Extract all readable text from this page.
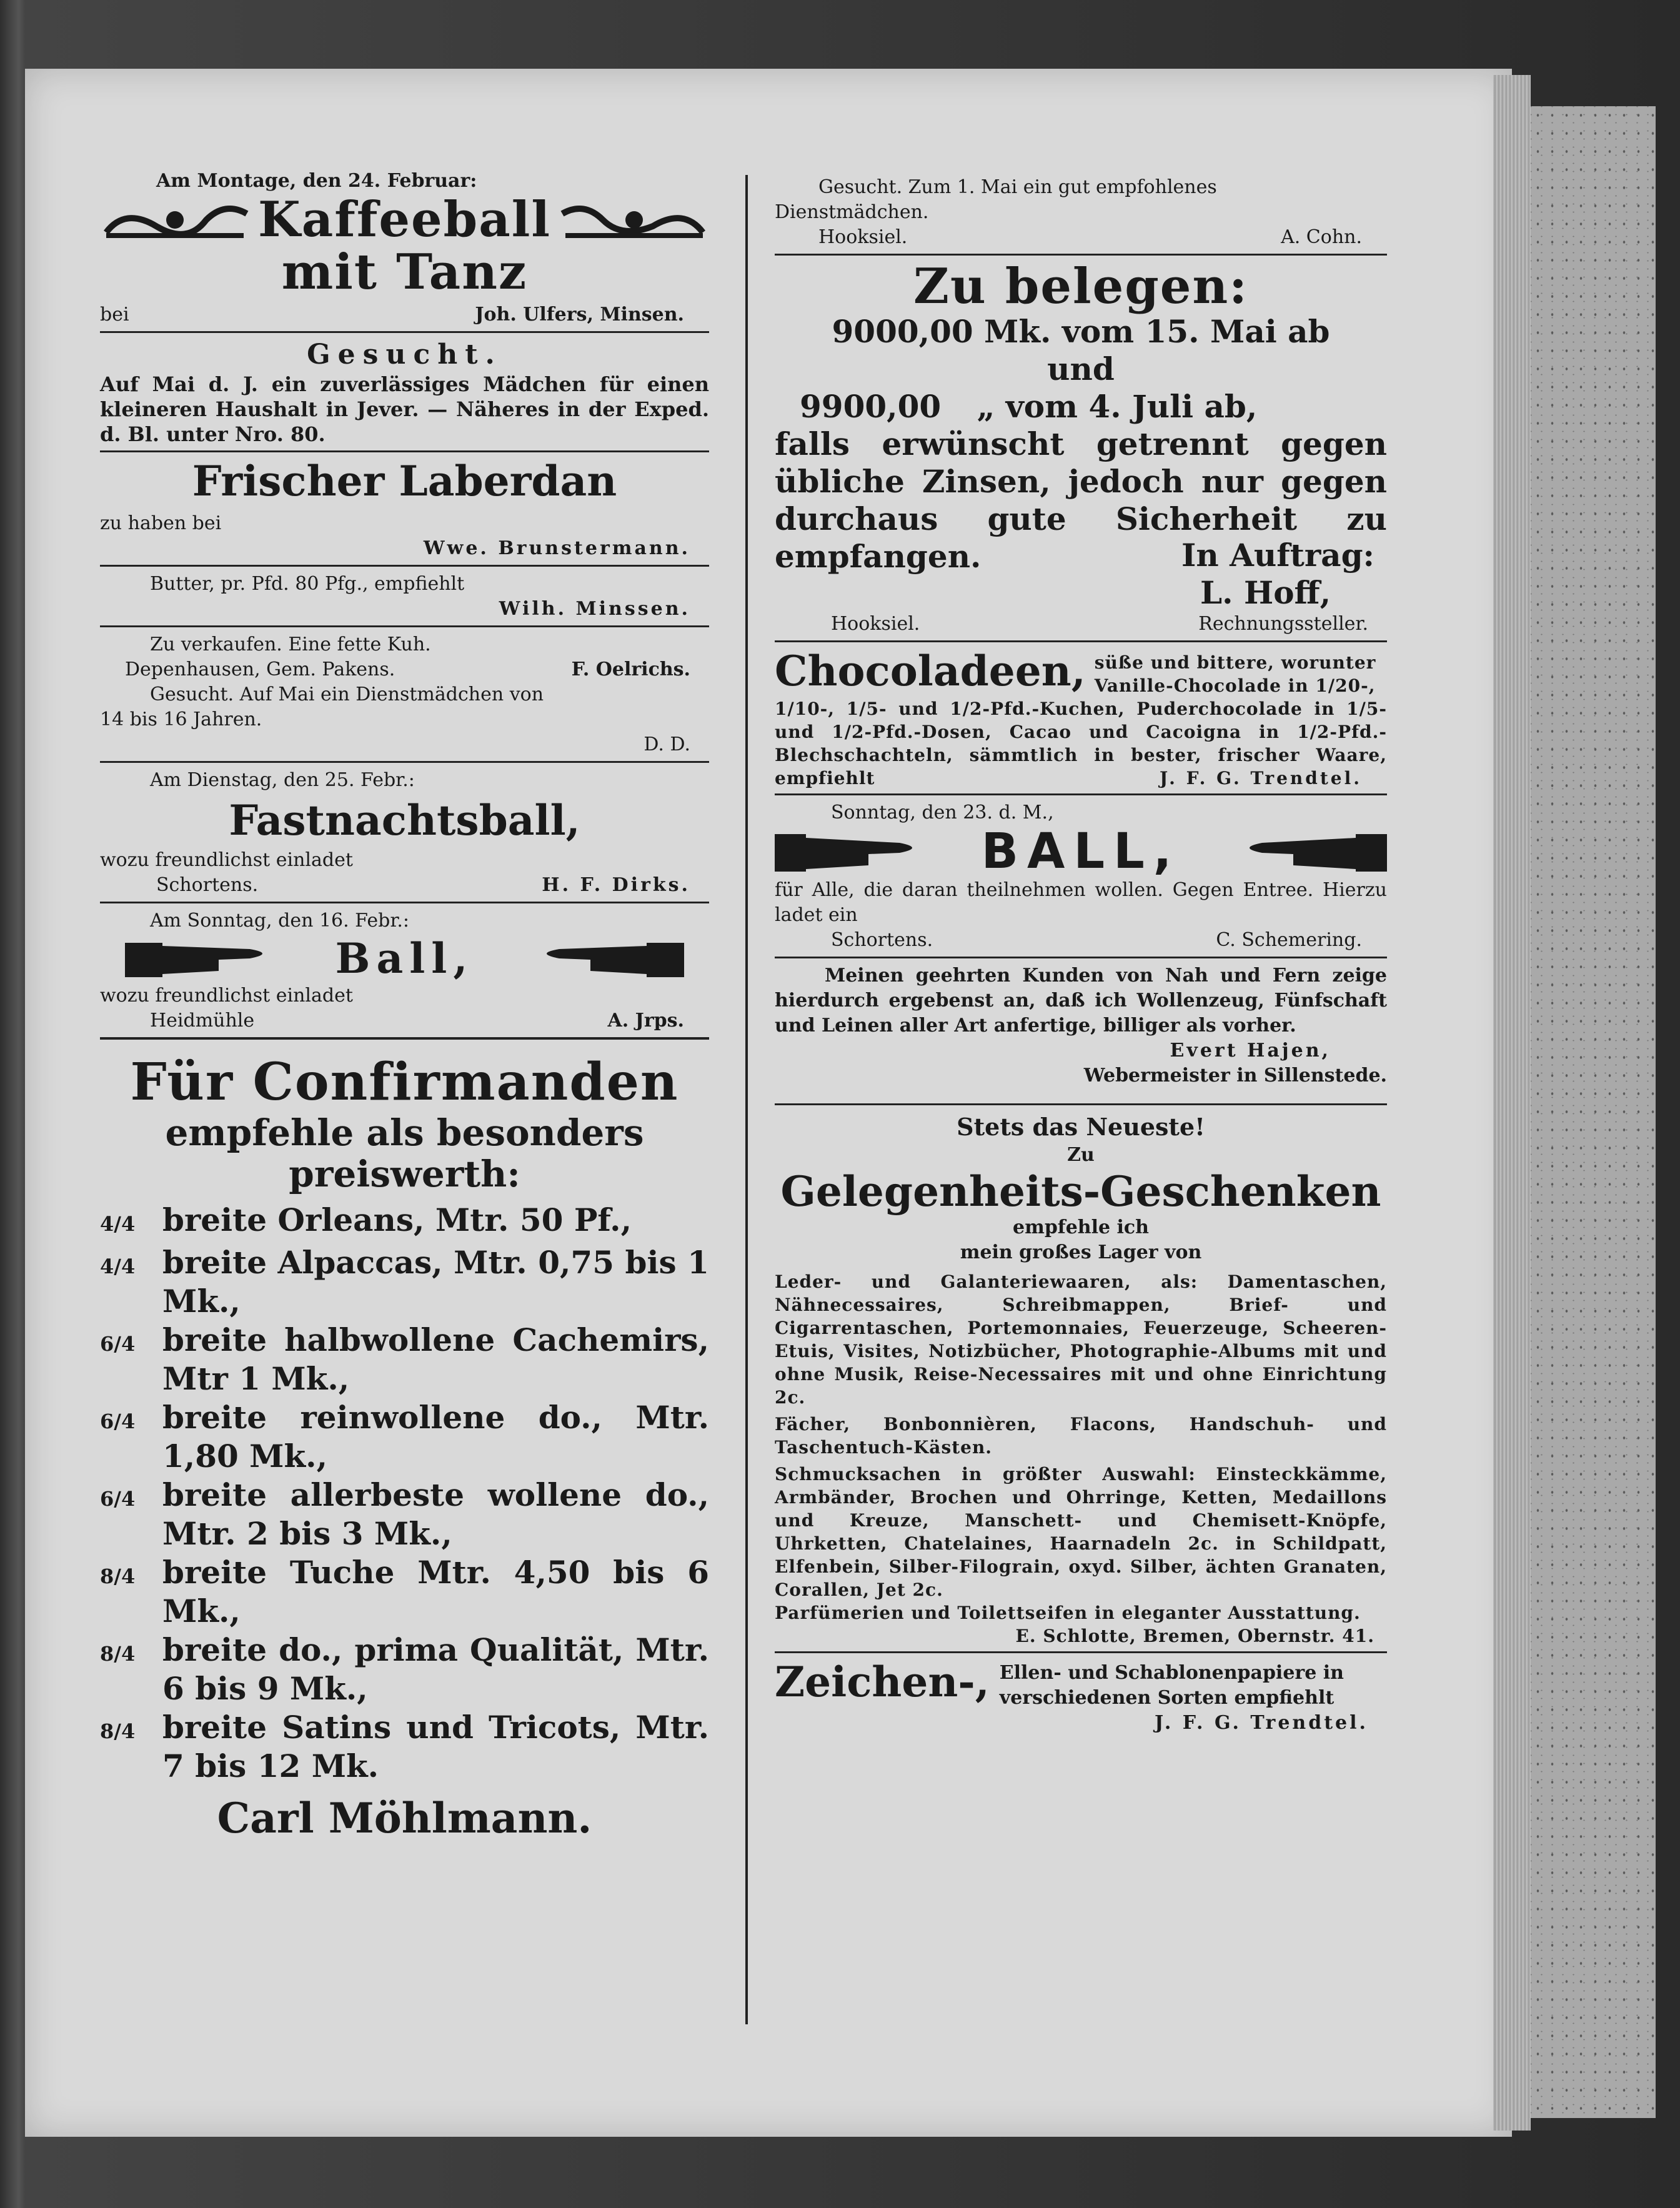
Am Montage, den 24. Februar:
Kaffeeball
mit Tanz
bei	Joh. Ulfers, Minsen.
Gesucht.
Auf Mai d. J. ein zuverlässiges Mädchen für einen kleineren Haushalt in Jever. — Näheres in der Exped. d. Bl. unter Nro. 80.
Frischer Laberdan
zu haben bei
Wwe. Brunstermann.
Butter, pr. Pfd. 80 Pfg., empfiehlt
Wilh. Minssen.
Zu verkaufen. Eine fette Kuh.
Depenhausen, Gem. Pakens.	F. Oelrichs.
Gesucht. Auf Mai ein Dienstmädchen von
14 bis 16 Jahren.
D. D.
Am Dienstag, den 25. Febr.:
Fastnachtsball,
wozu freundlichst einladet
Schortens.	H. F. Dirks.
Am Sonntag, den 16. Febr.:
Ball,
wozu freundlichst einladet
Heidmühle	A. Jrps.
Für Confirmanden
empfehle als besonders
preiswerth:
4/4 breite Orleans, Mtr. 50 Pf.,
4/4 breite Alpaccas, Mtr. 0,75 bis 1 Mk.,
6/4 breite halbwollene Cachemirs, Mtr 1 Mk.,
6/4 breite reinwollene do., Mtr. 1,80 Mk.,
6/4 breite allerbeste wollene do., Mtr. 2 bis 3 Mk.,
8/4 breite Tuche Mtr. 4,50 bis 6 Mk.,
8/4 breite do., prima Qualität, Mtr. 6 bis 9 Mk.,
8/4 breite Satins und Tricots, Mtr. 7 bis 12 Mk.
Carl Möhlmann.
Gesucht. Zum 1. Mai ein gut empfohlenes
Dienstmädchen.
Hooksiel.	A. Cohn.
Zu belegen:
9000,00 Mk. vom 15. Mai ab
und
9900,00 „ vom 4. Juli ab,
falls erwünscht getrennt gegen übliche Zinsen, jedoch nur gegen durchaus gute Sicherheit zu empfangen.	In Auftrag:
L. Hoff,
Hooksiel.	Rechnungssteller.
Chocoladeen, süße und bittere, worunter Vanille-Chocolade in 1/20-,
1/10-, 1/5- und 1/2-Pfd.-Kuchen, Puderchocolade in 1/5- und 1/2-Pfd.-Dosen, Cacao und Cacoigna in 1/2-Pfd.-Blechschachteln, sämmtlich in bester, frischer Waare, empfiehlt	J. F. G. Trendtel.
Sonntag, den 23. d. M.,
BALL,
für Alle, die daran theilnehmen wollen. Gegen Entree. Hierzu ladet ein
Schortens.	C. Schemering.
Meinen geehrten Kunden von Nah und Fern zeige hierdurch ergebenst an, daß ich Wollenzeug, Fünfschaft und Leinen aller Art anfertige, billiger als vorher.
Evert Hajen,
Webermeister in Sillenstede.
Stets das Neueste!
Zu
Gelegenheits-Geschenken
empfehle ich
mein großes Lager von
Leder- und Galanteriewaaren, als: Damentaschen, Nähnecessaires, Schreibmappen, Brief- und Cigarrentaschen, Portemonnaies, Feuerzeuge, Scheeren-Etuis, Visites, Notizbücher, Photographie-Albums mit und ohne Musik, Reise-Necessaires mit und ohne Einrichtung 2c.
Fächer, Bonbonnièren, Flacons, Handschuh- und Taschentuch-Kästen.
Schmucksachen in größter Auswahl: Einsteckkämme, Armbänder, Brochen und Ohrringe, Ketten, Medaillons und Kreuze, Manschett- und Chemisett-Knöpfe, Uhrketten, Chatelaines, Haarnadeln 2c. in Schildpatt, Elfenbein, Silber-Filograin, oxyd. Silber, ächten Granaten, Corallen, Jet 2c.
Parfümerien und Toilettseifen in eleganter Ausstattung.
E. Schlotte, Bremen, Obernstr. 41.
Zeichen-, Ellen- und Schablonenpapiere in verschiedenen Sorten empfiehlt
J. F. G. Trendtel.
